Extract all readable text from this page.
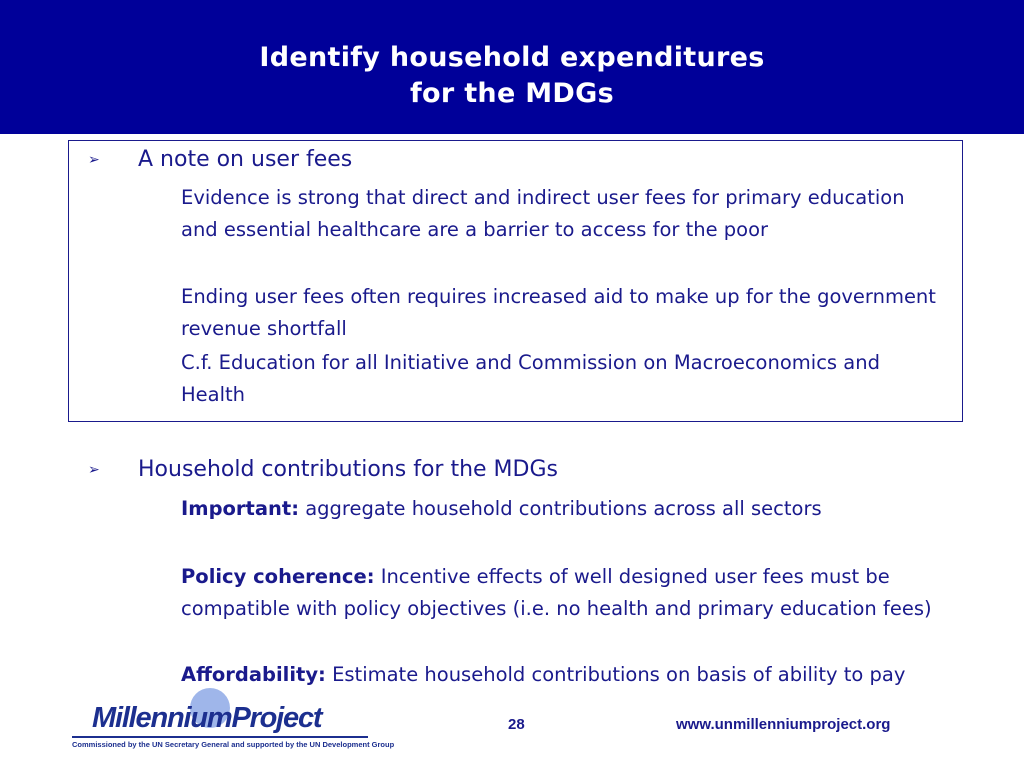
Identify household expenditures
for the MDGs
➢ A note on user fees
Evidence is strong that direct and indirect user fees for primary education and essential healthcare are a barrier to access for the poor
Ending user fees often requires increased aid to make up for the government revenue shortfall
C.f. Education for all Initiative and Commission on Macroeconomics and Health
➢ Household contributions for the MDGs
Important: aggregate household contributions across all sectors
Policy coherence: Incentive effects of well designed user fees must be compatible with policy objectives (i.e. no health and primary education fees)
Affordability: Estimate household contributions on basis of ability to pay
MillenniumProject
Commissioned by the UN Secretary General and supported by the UN Development Group
28	www.unmillenniumproject.org
